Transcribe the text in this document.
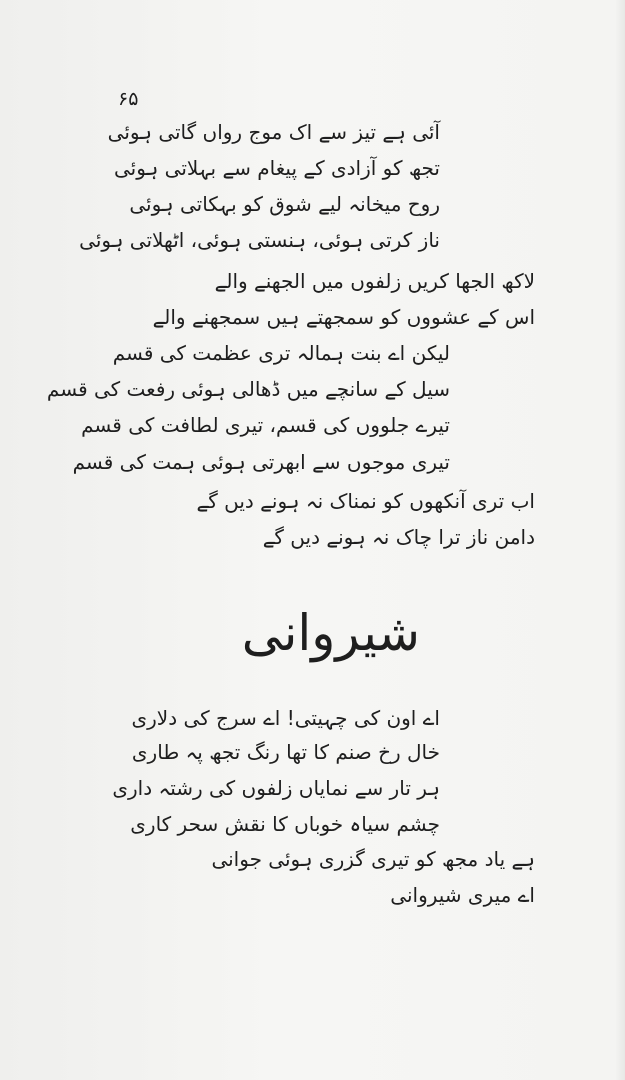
۶۵
آئی ہے تیز سے اک موج رواں گاتی ہوئی
تجھ کو آزادی کے پیغام سے بہلاتی ہوئی
روح میخانہ لیے شوق کو بہکاتی ہوئی
ناز کرتی ہوئی، ہنستی ہوئی، اٹھلاتی ہوئی
لاکھ الجھا کریں زلفوں میں الجھنے والے
اس کے عشووں کو سمجھتے ہیں سمجھنے والے
لیکن اے بنت ہمالہ تری عظمت کی قسم
سیل کے سانچے میں ڈھالی ہوئی رفعت کی قسم
تیرے جلووں کی قسم، تیری لطافت کی قسم
تیری موجوں سے ابھرتی ہوئی ہمت کی قسم
اب تری آنکھوں کو نمناک نہ ہونے دیں گے
دامن ناز ترا چاک نہ ہونے دیں گے
شیروانی
اے اون کی چہیتی! اے سرج کی دلاری
خال رخ صنم کا تھا رنگ تجھ پہ طاری
ہر تار سے نمایاں زلفوں کی رشتہ داری
چشم سیاہ خوباں کا نقش سحر کاری
ہے یاد مجھ کو تیری گزری ہوئی جوانی
اے میری شیروانی
